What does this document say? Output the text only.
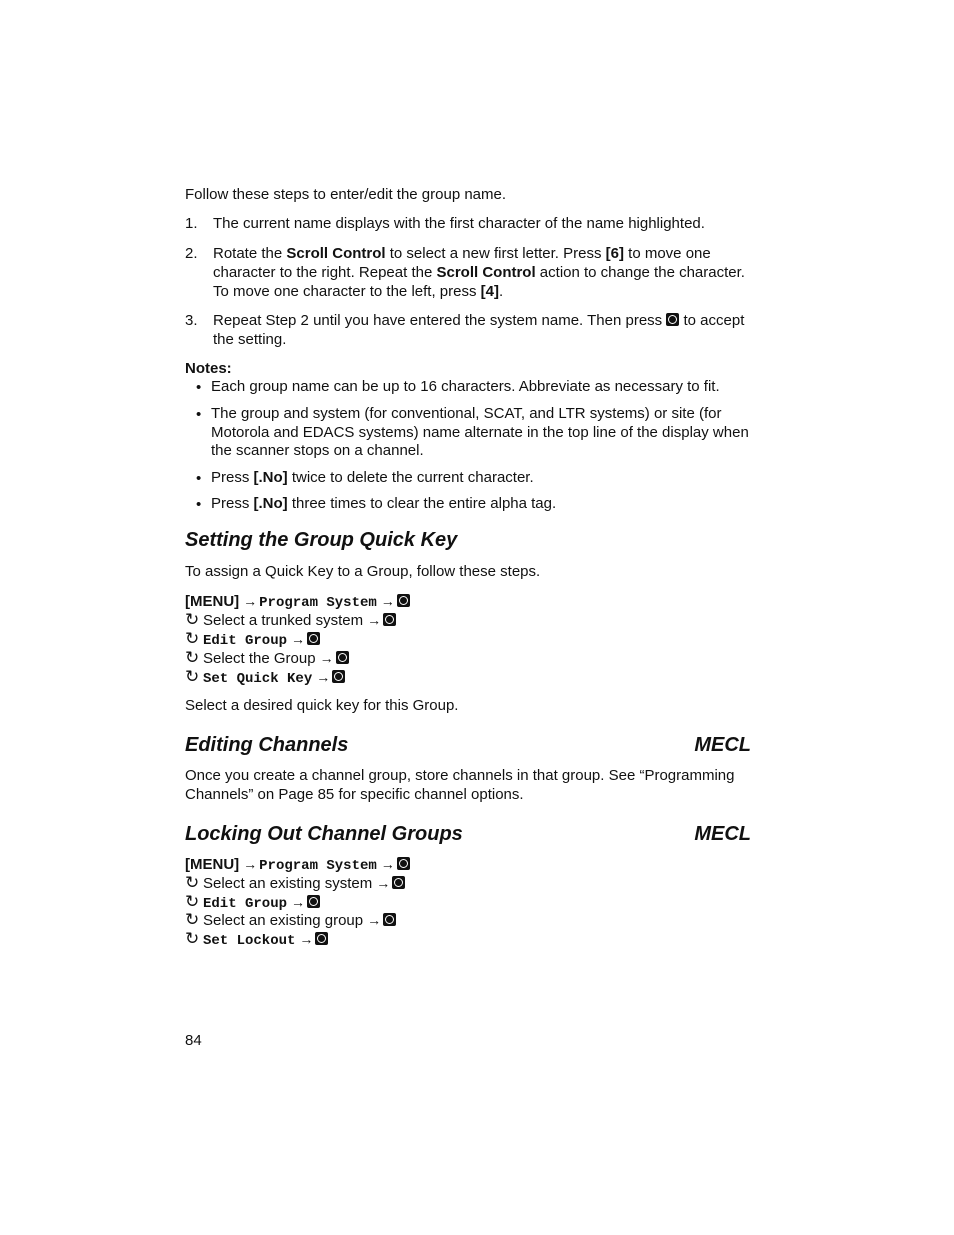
Follow these steps to enter/edit the group name.

1. The current name displays with the first character of the name highlighted.
2. Rotate the Scroll Control to select a new first letter. Press [6] to move one character to the right. Repeat the Scroll Control action to change the character. To move one character to the left, press [4].
3. Repeat Step 2 until you have entered the system name. Then press  to accept the setting.

Notes:

• Each group name can be up to 16 characters. Abbreviate as necessary to fit.
• The group and system (for conventional, SCAT, and LTR systems) or site (for Motorola and EDACS systems) name alternate in the top line of the display when the scanner stops on a channel.
• Press [.No] twice to delete the current character.
• Press [.No] three times to clear the entire alpha tag.
Setting the Group Quick Key

To assign a Quick Key to a Group, follow these steps.

[MENU] → Program System →
↻ Select a trunked system →
↻ Edit Group →
↻ Select the Group →
↻ Set Quick Key →

Select a desired quick key for this Group.

Editing Channels	MECL

Once you create a channel group, store channels in that group. See “Programming Channels” on Page 85 for specific channel options.

Locking Out Channel Groups	MECL
[MENU] → Program System →
↻ Select an existing system →
↻ Edit Group →
↻ Select an existing group →
↻ Set Lockout →
84
